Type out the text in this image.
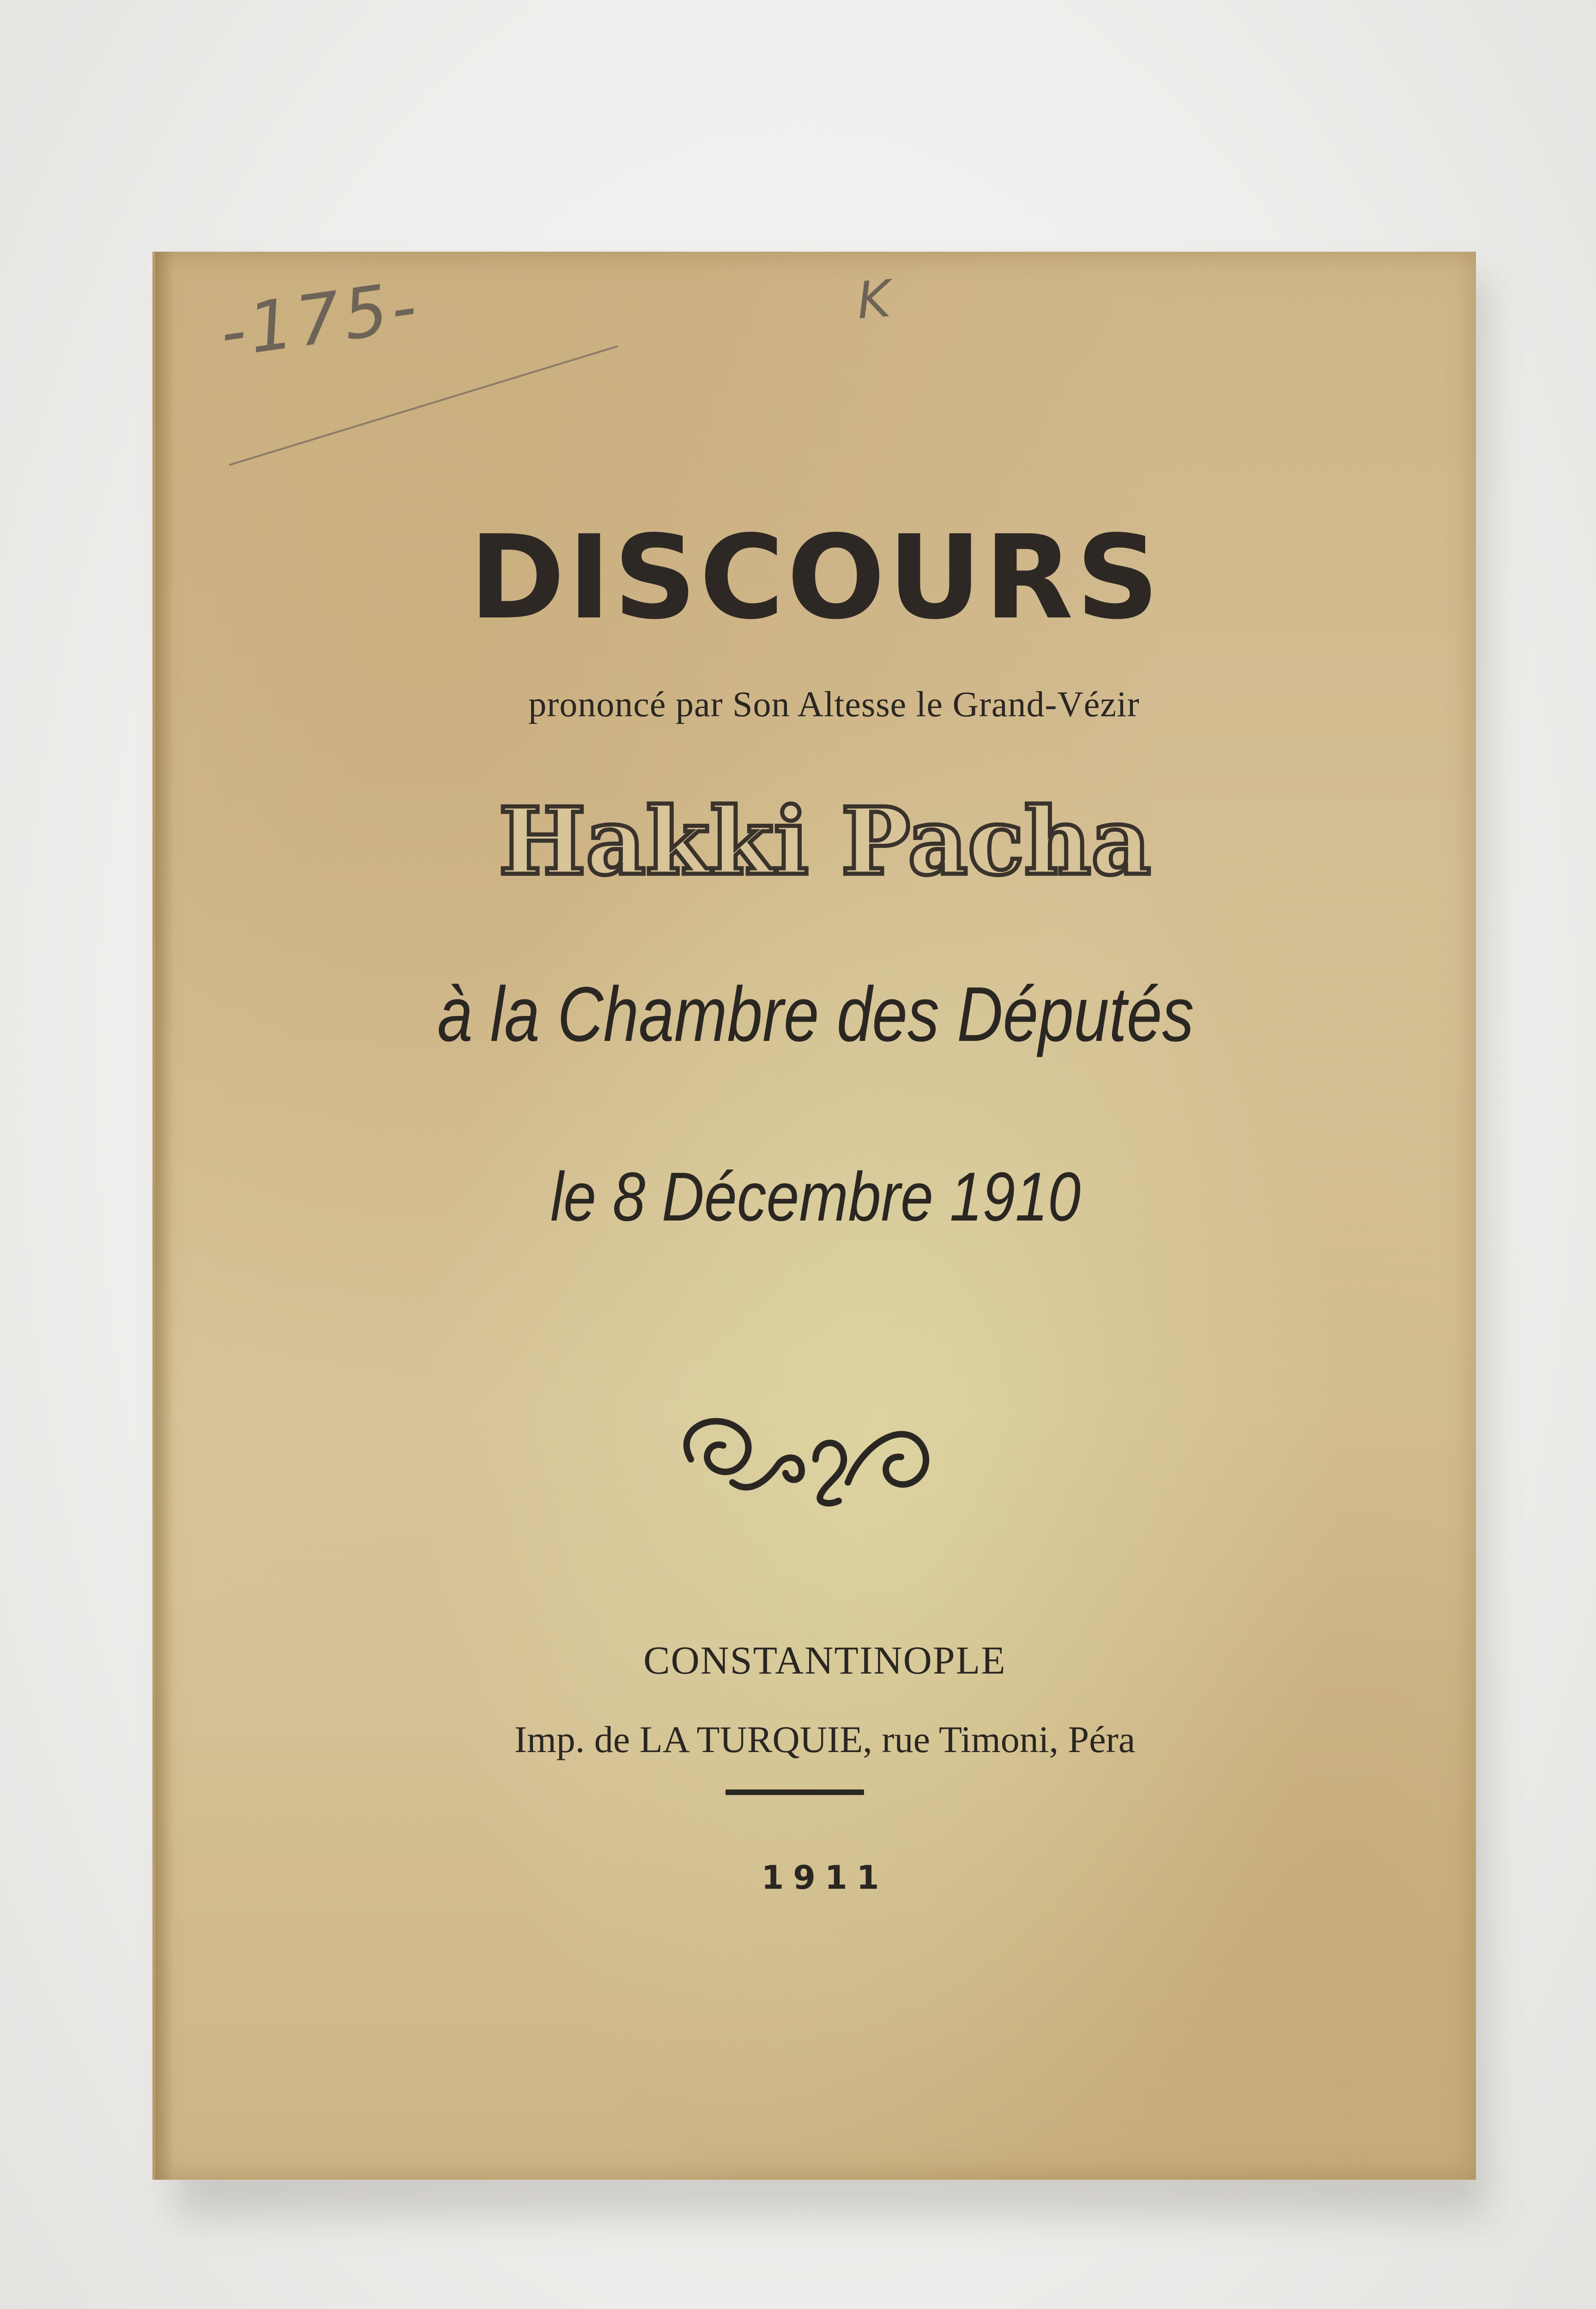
-175-	K
DISCOURS
prononcé par Son Altesse le Grand-Vézir
Hakki Pacha
à la Chambre des Députés
le 8 Décembre 1910
CONSTANTINOPLE
Imp. de LA TURQUIE, rue Timoni, Péra
1911
